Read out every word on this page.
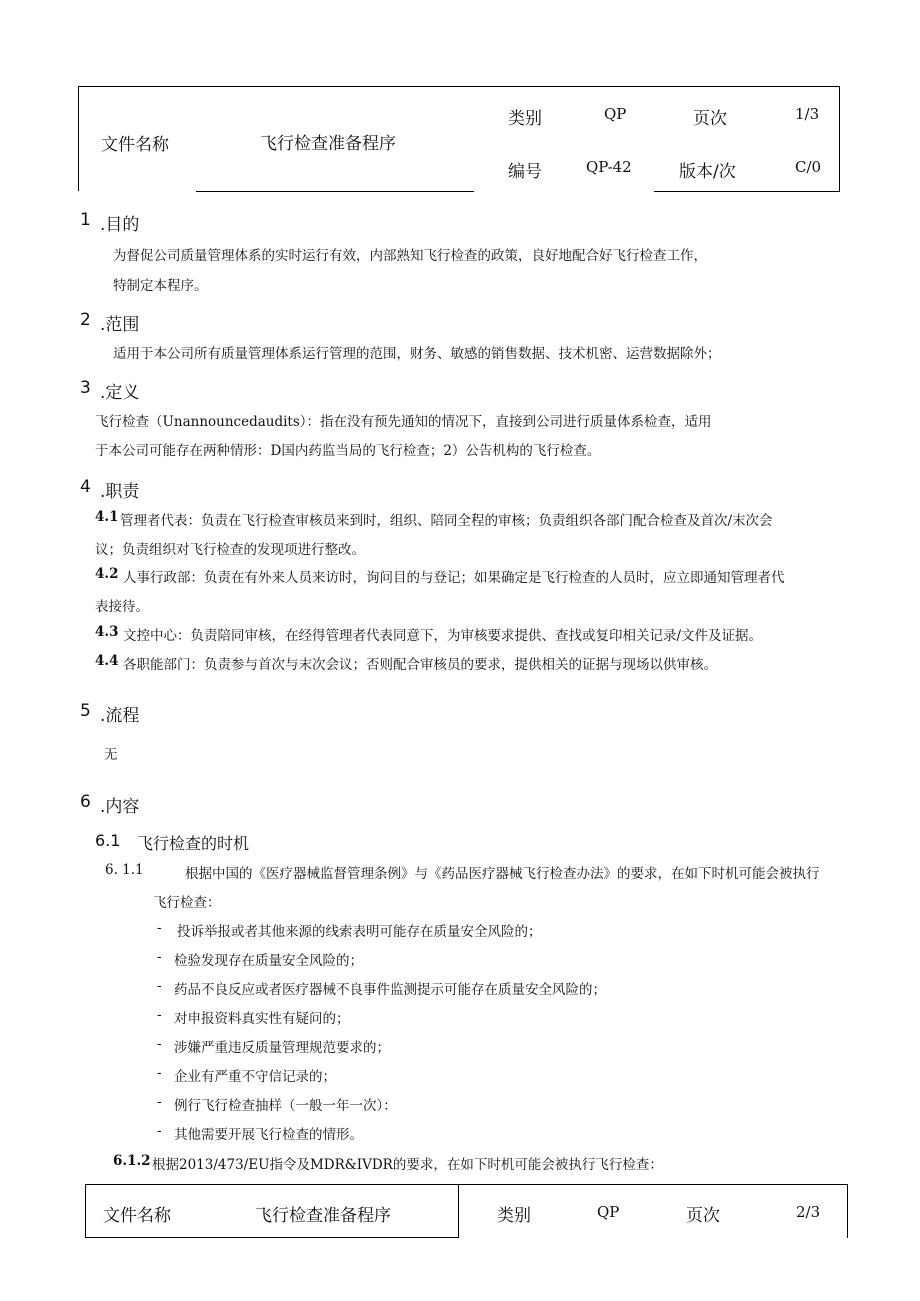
文件名称	飞行检查准备程序
类别	QP	页次	1/3
编号	QP-42	版本/次	C/0
1 .目的
为督促公司质量管理体系的实时运行有效，内部熟知飞行检查的政策，良好地配合好飞行检查工作，
特制定本程序。
2 .范围
适用于本公司所有质量管理体系运行管理的范围，财务、敏感的销售数据、技术机密、运营数据除外；
3 .定义
飞行检查（Unannouncedaudits）：指在没有预先通知的情况下，直接到公司进行质量体系检查，适用
于本公司可能存在两种情形：D国内药监当局的飞行检查；2）公告机构的飞行检查。
4 .职责
4.1 管理者代表：负责在飞行检查审核员来到时，组织、陪同全程的审核；负责组织各部门配合检查及首次/末次会
议；负责组织对飞行检查的发现项进行整改。
4.2 人事行政部：负责在有外来人员来访时，询问目的与登记；如果确定是飞行检查的人员时，应立即通知管理者代
表接待。
4.3 文控中心：负责陪同审核，在经得管理者代表同意下，为审核要求提供、查找或复印相关记录/文件及证据。
4.4 各职能部门：负责参与首次与末次会议；否则配合审核员的要求，提供相关的证据与现场以供审核。
5 .流程
无
6 .内容
6.1 飞行检查的时机
6. 1.1	根据中国的《医疗器械监督管理条例》与《药品医疗器械飞行检查办法》的要求，在如下时机可能会被执行
飞行检查：
- 投诉举报或者其他来源的线索表明可能存在质量安全风险的；
- 检验发现存在质量安全风险的；
- 药品不良反应或者医疗器械不良事件监测提示可能存在质量安全风险的；
- 对申报资料真实性有疑问的；
- 涉嫌严重违反质量管理规范要求的；
- 企业有严重不守信记录的；
- 例行飞行检查抽样（一般一年一次）：
- 其他需要开展飞行检查的情形。
6.1.2 根据2013/473/EU指令及MDR&IVDR的要求，在如下时机可能会被执行飞行检查：
文件名称	飞行检查准备程序	类别	QP	页次	2/3
